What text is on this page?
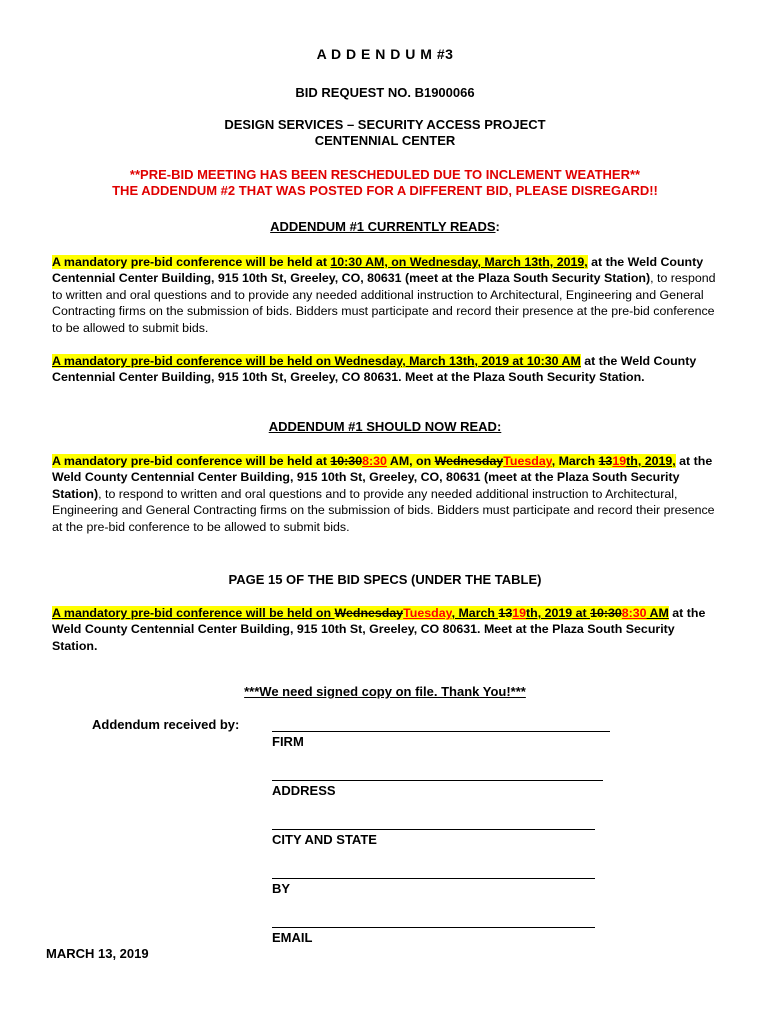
A D D E N D U M #3
BID REQUEST NO. B1900066
DESIGN SERVICES – SECURITY ACCESS PROJECT
CENTENNIAL CENTER
**PRE-BID MEETING HAS BEEN RESCHEDULED DUE TO INCLEMENT WEATHER**
THE ADDENDUM #2 THAT WAS POSTED FOR A DIFFERENT BID, PLEASE DISREGARD!!
ADDENDUM #1 CURRENTLY READS:
A mandatory pre-bid conference will be held at 10:30 AM, on Wednesday, March 13th, 2019, at the Weld County Centennial Center Building, 915 10th St, Greeley, CO, 80631 (meet at the Plaza South Security Station), to respond to written and oral questions and to provide any needed additional instruction to Architectural, Engineering and General Contracting firms on the submission of bids. Bidders must participate and record their presence at the pre-bid conference to be allowed to submit bids.
A mandatory pre-bid conference will be held on Wednesday, March 13th, 2019 at 10:30 AM at the Weld County Centennial Center Building, 915 10th St, Greeley, CO 80631. Meet at the Plaza South Security Station.
ADDENDUM #1 SHOULD NOW READ:
A mandatory pre-bid conference will be held at 10:308:30 AM, on WednesdayTuesday, March 1319th, 2019, at the Weld County Centennial Center Building, 915 10th St, Greeley, CO, 80631 (meet at the Plaza South Security Station), to respond to written and oral questions and to provide any needed additional instruction to Architectural, Engineering and General Contracting firms on the submission of bids. Bidders must participate and record their presence at the pre-bid conference to be allowed to submit bids.
PAGE 15 OF THE BID SPECS (UNDER THE TABLE)
A mandatory pre-bid conference will be held on WednesdayTuesday, March 1319th, 2019 at 10:308:30 AM at the Weld County Centennial Center Building, 915 10th St, Greeley, CO 80631. Meet at the Plaza South Security Station.
***We need signed copy on file. Thank You!***
Addendum received by:
FIRM
ADDRESS
CITY AND STATE
BY
EMAIL
MARCH 13, 2019
